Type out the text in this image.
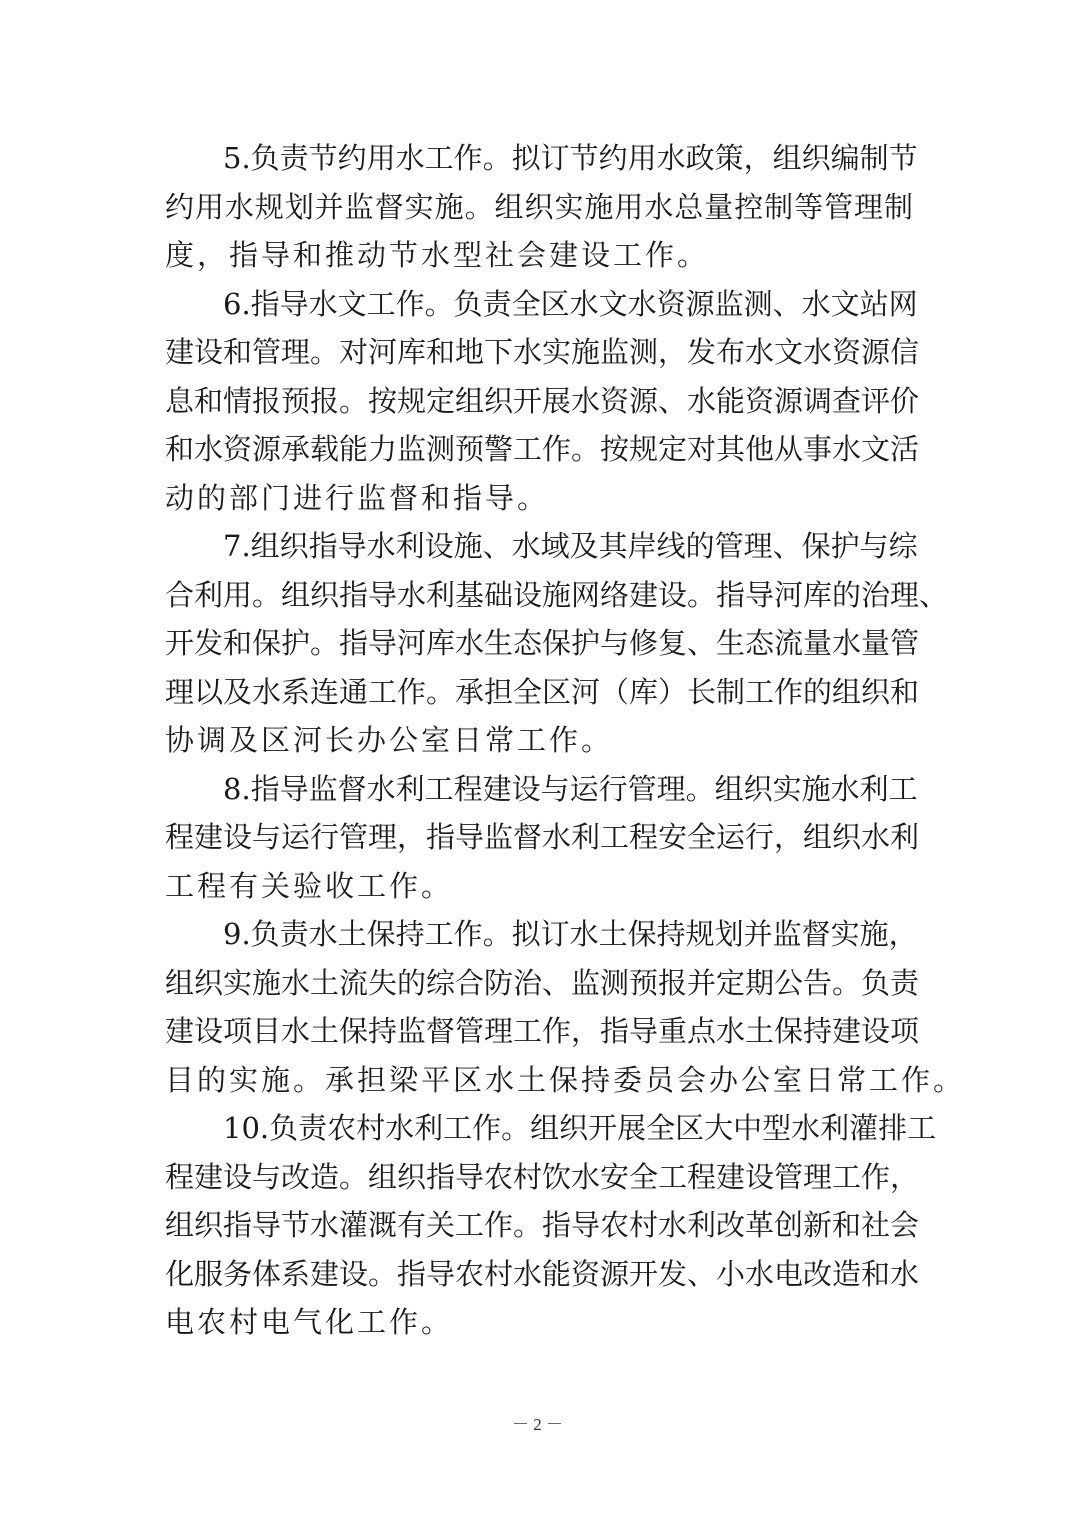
5.负责节约用水工作。拟订节约用水政策，组织编制节
约用水规划并监督实施。组织实施用水总量控制等管理制
度，指导和推动节水型社会建设工作。
6.指导水文工作。负责全区水文水资源监测、水文站网
建设和管理。对河库和地下水实施监测，发布水文水资源信
息和情报预报。按规定组织开展水资源、水能资源调查评价
和水资源承载能力监测预警工作。按规定对其他从事水文活
动的部门进行监督和指导。
7.组织指导水利设施、水域及其岸线的管理、保护与综
合利用。组织指导水利基础设施网络建设。指导河库的治理、
开发和保护。指导河库水生态保护与修复、生态流量水量管
理以及水系连通工作。承担全区河（库）长制工作的组织和
协调及区河长办公室日常工作。
8.指导监督水利工程建设与运行管理。组织实施水利工
程建设与运行管理，指导监督水利工程安全运行，组织水利
工程有关验收工作。
9.负责水土保持工作。拟订水土保持规划并监督实施，
组织实施水土流失的综合防治、监测预报并定期公告。负责
建设项目水土保持监督管理工作，指导重点水土保持建设项
目的实施。承担梁平区水土保持委员会办公室日常工作。
10.负责农村水利工作。组织开展全区大中型水利灌排工
程建设与改造。组织指导农村饮水安全工程建设管理工作，
组织指导节水灌溉有关工作。指导农村水利改革创新和社会
化服务体系建设。指导农村水能资源开发、小水电改造和水
电农村电气化工作。
－ 2 －
